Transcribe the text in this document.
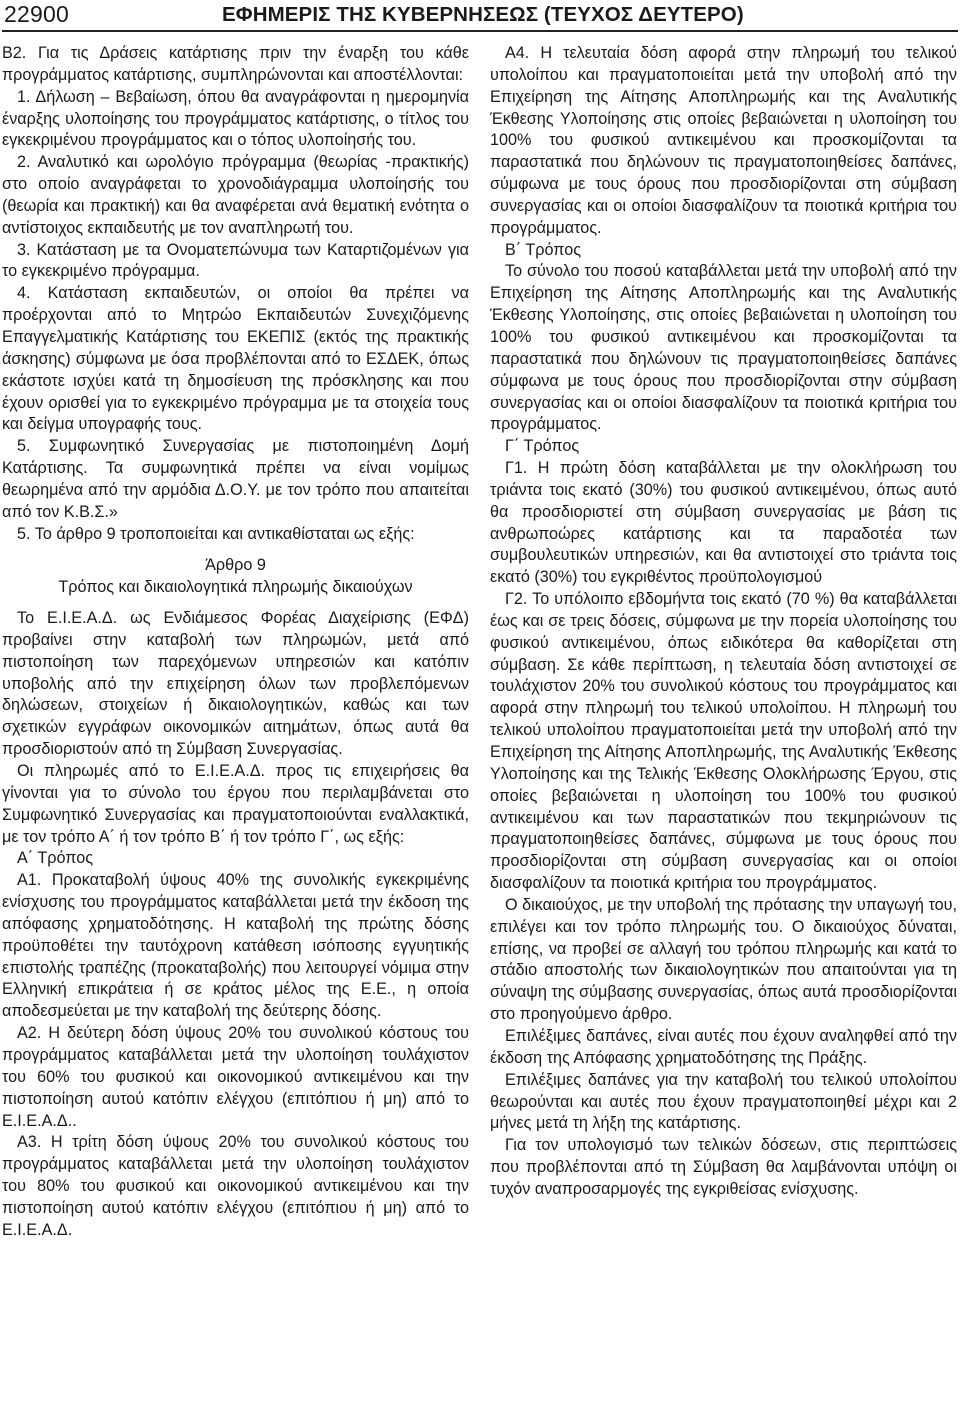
22900	ΕΦΗΜΕΡΙΣ ΤΗΣ ΚΥΒΕΡΝΗΣΕΩΣ (ΤΕΥΧΟΣ ΔΕΥΤΕΡΟ)

Β2. Για τις Δράσεις κατάρτισης πριν την έναρξη του κάθε προγράμματος κατάρτισης, συμπληρώνονται και αποστέλλονται:

1. Δήλωση – Βεβαίωση, όπου θα αναγράφονται η ημερομηνία έναρξης υλοποίησης του προγράμματος κατάρτισης, ο τίτλος του εγκεκριμένου προγράμματος και ο τόπος υλοποίησής του.

2. Αναλυτικό και ωρολόγιο πρόγραμμα (θεωρίας -πρακτικής) στο οποίο αναγράφεται το χρονοδιάγραμμα υλοποίησής του (θεωρία και πρακτική) και θα αναφέρεται ανά θεματική ενότητα ο αντίστοιχος εκπαιδευτής με τον αναπληρωτή του.

3. Κατάσταση με τα Ονοματεπώνυμα των Καταρτιζομένων για το εγκεκριμένο πρόγραμμα.

4. Κατάσταση εκπαιδευτών, οι οποίοι θα πρέπει να προέρχονται από το Μητρώο Εκπαιδευτών Συνεχιζόμενης Επαγγελματικής Κατάρτισης του ΕΚΕΠΙΣ (εκτός της πρακτικής άσκησης) σύμφωνα με όσα προβλέπονται από το ΕΣΔΕΚ, όπως εκάστοτε ισχύει κατά τη δημοσίευση της πρόσκλησης και που έχουν ορισθεί για το εγκεκριμένο πρόγραμμα με τα στοιχεία τους και δείγμα υπογραφής τους.

5. Συμφωνητικό Συνεργασίας με πιστοποιημένη Δομή Κατάρτισης. Τα συμφωνητικά πρέπει να είναι νομίμως θεωρημένα από την αρμόδια Δ.Ο.Υ. με τον τρόπο που απαιτείται από τον Κ.Β.Σ.»

5. Το άρθρο 9 τροποποιείται και αντικαθίσταται ως εξής:

Άρθρο 9

Τρόπος και δικαιολογητικά πληρωμής δικαιούχων

Το Ε.Ι.Ε.Α.Δ. ως Ενδιάμεσος Φορέας Διαχείρισης (ΕΦΔ) προβαίνει στην καταβολή των πληρωμών, μετά από πιστοποίηση των παρεχόμενων υπηρεσιών και κατόπιν υποβολής από την επιχείρηση όλων των προβλεπόμενων δηλώσεων, στοιχείων ή δικαιολογητικών, καθώς και των σχετικών εγγράφων οικονομικών αιτημάτων, όπως αυτά θα προσδιοριστούν από τη Σύμβαση Συνεργασίας.

Οι πληρωμές από το Ε.Ι.Ε.Α.Δ. προς τις επιχειρήσεις θα γίνονται για το σύνολο του έργου που περιλαμβάνεται στο Συμφωνητικό Συνεργασίας και πραγματοποιούνται εναλλακτικά, με τον τρόπο Α΄ ή τον τρόπο Β΄ ή τον τρόπο Γ΄, ως εξής:

Α΄ Τρόπος

Α1. Προκαταβολή ύψους 40% της συνολικής εγκεκριμένης ενίσχυσης του προγράμματος καταβάλλεται μετά την έκδοση της απόφασης χρηματοδότησης. Η καταβολή της πρώτης δόσης προϋποθέτει την ταυτόχρονη κατάθεση ισόποσης εγγυητικής επιστολής τραπέζης (προκαταβολής) που λειτουργεί νόμιμα στην Ελληνική επικράτεια ή σε κράτος μέλος της Ε.Ε., η οποία αποδεσμεύεται με την καταβολή της δεύτερης δόσης.

Α2. Η δεύτερη δόση ύψους 20% του συνολικού κόστους του προγράμματος καταβάλλεται μετά την υλοποίηση τουλάχιστον του 60% του φυσικού και οικονομικού αντικειμένου και την πιστοποίηση αυτού κατόπιν ελέγχου (επιτόπιου ή μη) από το Ε.Ι.Ε.Α.Δ..

Α3. Η τρίτη δόση ύψους 20% του συνολικού κόστους του προγράμματος καταβάλλεται μετά την υλοποίηση τουλάχιστον του 80% του φυσικού και οικονομικού αντικειμένου και την πιστοποίηση αυτού κατόπιν ελέγχου (επιτόπιου ή μη) από το Ε.Ι.Ε.Α.Δ.

Α4. Η τελευταία δόση αφορά στην πληρωμή του τελικού υπολοίπου και πραγματοποιείται μετά την υποβολή από την Επιχείρηση της Αίτησης Αποπληρωμής και της Αναλυτικής Έκθεσης Υλοποίησης στις οποίες βεβαιώνεται η υλοποίηση του 100% του φυσικού αντικειμένου και προσκομίζονται τα παραστατικά που δηλώνουν τις πραγματοποιηθείσες δαπάνες, σύμφωνα με τους όρους που προσδιορίζονται στη σύμβαση συνεργασίας και οι οποίοι διασφαλίζουν τα ποιοτικά κριτήρια του προγράμματος.

Β΄ Τρόπος

Το σύνολο του ποσού καταβάλλεται μετά την υποβολή από την Επιχείρηση της Αίτησης Αποπληρωμής και της Αναλυτικής Έκθεσης Υλοποίησης, στις οποίες βεβαιώνεται η υλοποίηση του 100% του φυσικού αντικειμένου και προσκομίζονται τα παραστατικά που δηλώνουν τις πραγματοποιηθείσες δαπάνες σύμφωνα με τους όρους που προσδιορίζονται στην σύμβαση συνεργασίας και οι οποίοι διασφαλίζουν τα ποιοτικά κριτήρια του προγράμματος.

Γ΄ Τρόπος

Γ1. Η πρώτη δόση καταβάλλεται με την ολοκλήρωση του τριάντα τοις εκατό (30%) του φυσικού αντικειμένου, όπως αυτό θα προσδιοριστεί στη σύμβαση συνεργασίας με βάση τις ανθρωποώρες κατάρτισης και τα παραδοτέα των συμβουλευτικών υπηρεσιών, και θα αντιστοιχεί στο τριάντα τοις εκατό (30%) του εγκριθέντος προϋπολογισμού

Γ2. Το υπόλοιπο εβδομήντα τοις εκατό (70 %) θα καταβάλλεται έως και σε τρεις δόσεις, σύμφωνα με την πορεία υλοποίησης του φυσικού αντικειμένου, όπως ειδικότερα θα καθορίζεται στη σύμβαση. Σε κάθε περίπτωση, η τελευταία δόση αντιστοιχεί σε τουλάχιστον 20% του συνολικού κόστους του προγράμματος και αφορά στην πληρωμή του τελικού υπολοίπου. Η πληρωμή του τελικού υπολοίπου πραγματοποιείται μετά την υποβολή από την Επιχείρηση της Αίτησης Αποπληρωμής, της Αναλυτικής Έκθεσης Υλοποίησης και της Τελικής Έκθεσης Ολοκλήρωσης Έργου, στις οποίες βεβαιώνεται η υλοποίηση του 100% του φυσικού αντικειμένου και των παραστατικών που τεκμηριώνουν τις πραγματοποιηθείσες δαπάνες, σύμφωνα με τους όρους που προσδιορίζονται στη σύμβαση συνεργασίας και οι οποίοι διασφαλίζουν τα ποιοτικά κριτήρια του προγράμματος.

Ο δικαιούχος, με την υποβολή της πρότασης την υπαγωγή του, επιλέγει και τον τρόπο πληρωμής του. Ο δικαιούχος δύναται, επίσης, να προβεί σε αλλαγή του τρόπου πληρωμής και κατά το στάδιο αποστολής των δικαιολογητικών που απαιτούνται για τη σύναψη της σύμβασης συνεργασίας, όπως αυτά προσδιορίζονται στο προηγούμενο άρθρο.

Επιλέξιμες δαπάνες, είναι αυτές που έχουν αναληφθεί από την έκδοση της Απόφασης χρηματοδότησης της Πράξης.

Επιλέξιμες δαπάνες για την καταβολή του τελικού υπολοίπου θεωρούνται και αυτές που έχουν πραγματοποιηθεί μέχρι και 2 μήνες μετά τη λήξη της κατάρτισης.

Για τον υπολογισμό των τελικών δόσεων, στις περιπτώσεις που προβλέπονται από τη Σύμβαση θα λαμβάνονται υπόψη οι τυχόν αναπροσαρμογές της εγκριθείσας ενίσχυσης.
